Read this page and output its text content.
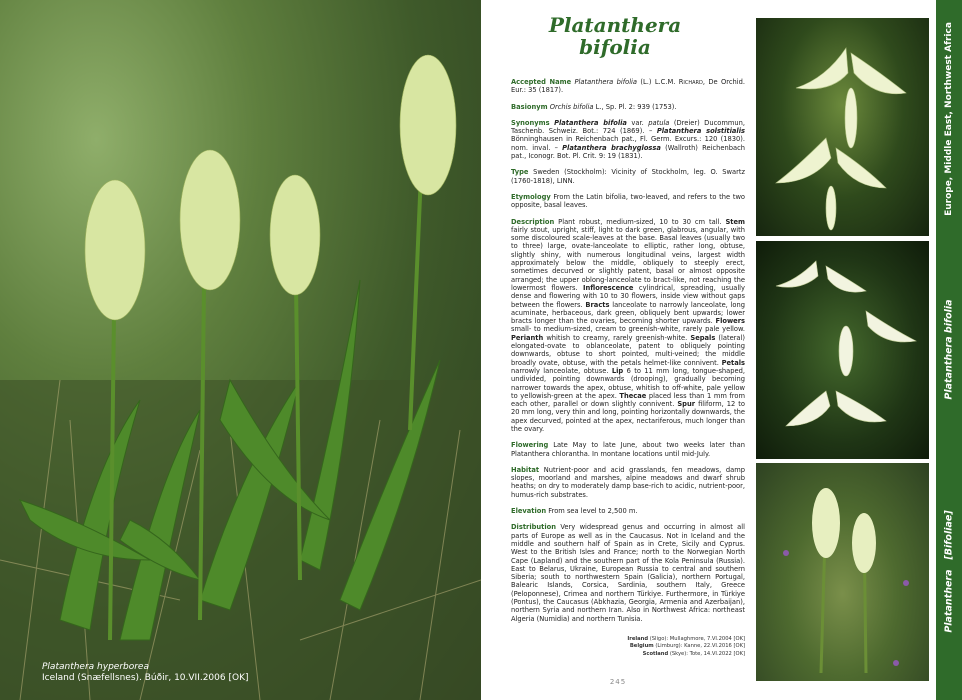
Platanthera hyperborea
Iceland (Snæfellsnes). Búðir, 10.VII.2006 [OK]
Platanthera
bifolia

Accepted Name Platanthera bifolia (L.) L.C.M. Richard, De Orchid. Eur.: 35 (1817).

Basionym Orchis bifolia L., Sp. Pl. 2: 939 (1753).

Synonyms Platanthera bifolia var. patula (Dreier) Ducommun, Taschenb. Schweiz. Bot.: 724 (1869). – Platanthera solstitialis Bönninghausen in Reichenbach pat., Fl. Germ. Excurs.: 120 (1830). nom. inval. – Platanthera brachyglossa (Wallroth) Reichenbach pat., Iconogr. Bot. Pl. Crit. 9: 19 (1831).

Type Sweden (Stockholm): Vicinity of Stockholm, leg. O. Swartz (1760-1818), LINN.

Etymology From the Latin bifolia, two-leaved, and refers to the two opposite, basal leaves.

Description Plant robust, medium-sized, 10 to 30 cm tall. Stem fairly stout, upright, stiff, light to dark green, glabrous, angular, with some discoloured scale-leaves at the base. Basal leaves (usually two to three) large, ovate-lanceolate to elliptic, rather long, obtuse, slightly shiny, with numerous longitudinal veins, largest width approximately below the middle, obliquely to steeply erect, sometimes decurved or slightly patent, basal or almost opposite arranged; the upper oblong-lanceolate to bract-like, not reaching the lowermost flowers. Inflorescence cylindrical, spreading, usually dense and flowering with 10 to 30 flowers, inside view without gaps between the flowers. Bracts lanceolate to narrowly lanceolate, long acuminate, herbaceous, dark green, obliquely bent upwards; lower bracts longer than the ovaries, becoming shorter upwards. Flowers small- to medium-sized, cream to greenish-white, rarely pale yellow. Perianth whitish to creamy, rarely greenish-white. Sepals (lateral) elongated-ovate to oblanceolate, patent to obliquely pointing downwards, obtuse to short pointed, multi-veined; the middle broadly ovate, obtuse, with the petals helmet-like connivent. Petals narrowly lanceolate, obtuse. Lip 6 to 11 mm long, tongue-shaped, undivided, pointing downwards (drooping), gradually becoming narrower towards the apex, obtuse, whitish to off-white, pale yellow to yellowish-green at the apex. Thecae placed less than 1 mm from each other, parallel or down slightly connivent. Spur filiform, 12 to 20 mm long, very thin and long, pointing horizontally downwards, the apex decurved, pointed at the apex, nectariferous, much longer than the ovary.

Flowering Late May to late June, about two weeks later than Platanthera chlorantha. In montane locations until mid-July.

Habitat Nutrient-poor and acid grasslands, fen meadows, damp slopes, moorland and marshes, alpine meadows and dwarf shrub heaths; on dry to moderately damp base-rich to acidic, nutrient-poor, humus-rich substrates.

Elevation From sea level to 2,500 m.

Distribution Very widespread genus and occurring in almost all parts of Europe as well as in the Caucasus. Not in Iceland and the middle and southern half of Spain as in Crete, Sicily and Cyprus. West to the British Isles and France; north to the Norwegian North Cape (Lapland) and the southern part of the Kola Peninsula (Russia). East to Belarus, Ukraine, European Russia to central and southern Siberia; south to northwestern Spain (Galicia), northern Portugal, Balearic Islands, Corsica, Sardinia, southern Italy, Greece (Peloponnese), Crimea and northern Türkiye. Furthermore, in Türkiye (Pontus), the Caucasus (Abkhazia, Georgia, Armenia and Azerbaijan), northern Syria and northern Iran. Also in Northwest Africa: northeast Algeria (Numidia) and northern Tunisia.

Ireland (Sligo): Mullaghmore, 7.VI.2004 [OK]
Belgium (Limburg): Kanne, 22.VI.2016 [OK]
Scotland (Skye): Tote, 14.VI.2022 [OK]
245
Europe, Middle East, Northwest Africa
Platanthera bifolia
Platanthera   [Bifoliae]
